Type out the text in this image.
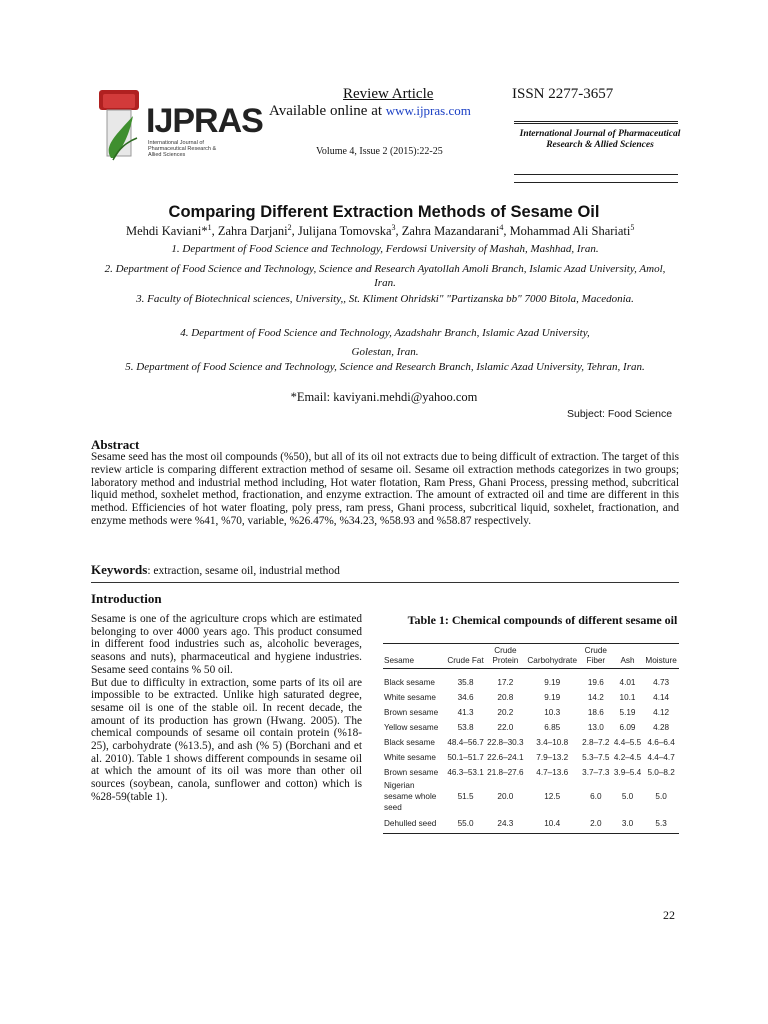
IJPRAS
International Journal of Pharmaceutical Research & Allied Sciences
Review Article	ISSN 2277-3657
Available online at www.ijpras.com
Volume 4, Issue 2 (2015):22-25
International Journal of Pharmaceutical Research & Allied Sciences
Comparing Different Extraction Methods of Sesame Oil
Mehdi Kaviani*$^1$, Zahra Darjani$^2$, Julijana Tomovska$^3$, Zahra Mazandarani$^4$, Mohammad Ali Shariati$^5$
1. Department of Food Science and Technology, Ferdowsi University of Mashah, Mashhad, Iran.
2. Department of Food Science and Technology, Science and Research Ayatollah Amoli Branch, Islamic Azad University, Amol, Iran.
3. Faculty of Biotechnical sciences, University,, St. Kliment Ohridski" "Partizanska bb" 7000 Bitola, Macedonia.
4. Department of Food Science and Technology, Azadshahr Branch, Islamic Azad University, Golestan, Iran.
5. Department of Food Science and Technology, Science and Research Branch, Islamic Azad University, Tehran, Iran.
*Email: kaviyani.mehdi@yahoo.com
Subject: Food Science
Abstract
Sesame seed has the most oil compounds (%50), but all of its oil not extracts due to being difficult of extraction. The target of this review article is comparing different extraction method of sesame oil. Sesame oil extraction methods categorizes in two groups; laboratory method and industrial method including, Hot water flotation, Ram Press, Ghani Process, pressing method, subcritical liquid method, soxhelet method, fractionation, and enzyme extraction. The amount of extracted oil and time are different in this method. Efficiencies of hot water floating, poly press, ram press, Ghani process, subcritical liquid, soxhelet, fractionation, and enzyme methods were %41, %70, variable, %26.47%, %34.23, %58.93 and %58.87 respectively.
Keywords: extraction, sesame oil, industrial method
Introduction

Sesame is one of the agriculture crops which are estimated belonging to over 4000 years ago. This product consumed in different food industries such as, alcoholic beverages, seasons and nuts), pharmaceutical and hygiene industries. Sesame seed contains % 50 oil.

But due to difficulty in extraction, some parts of its oil are impossible to be extracted. Unlike high saturated degree, sesame oil is one of the stable oil. In recent decade, the amount of its production has grown (Hwang. 2005). The chemical compounds of sesame oil contain protein (%18-25), carbohydrate (%13.5), and ash (% 5) (Borchani and et al. 2010). Table 1 shows different compounds in sesame oil at which the amount of its oil was more than other oil sources (soybean, canola, sunflower and cotton) which is %28-59(table 1).

Table 1: Chemical compounds of different sesame oil
Sesame	Crude Fat	Crude Protein	Carbohydrate	Crude Fiber	Ash	Moisture

Black sesame	35.8	17.2	9.19	19.6	4.01	4.73
White sesame	34.6	20.8	9.19	14.2	10.1	4.14
Brown sesame	41.3	20.2	10.3	18.6	5.19	4.12
Yellow sesame	53.8	22.0	6.85	13.0	6.09	4.28
Black sesame	48.4–56.7	22.8–30.3	3.4–10.8	2.8–7.2	4.4–5.5	4.6–6.4
White sesame	50.1–51.7	22.6–24.1	7.9–13.2	5.3–7.5	4.2–4.5	4.4–4.7
Brown sesame	46.3–53.1	21.8–27.6	4.7–13.6	3.7–7.3	3.9–5.4	5.0–8.2
Nigerian sesame whole seed	51.5	20.0	12.5	6.0	5.0	5.0
Dehulled seed	55.0	24.3	10.4	2.0	3.0	5.3
22
